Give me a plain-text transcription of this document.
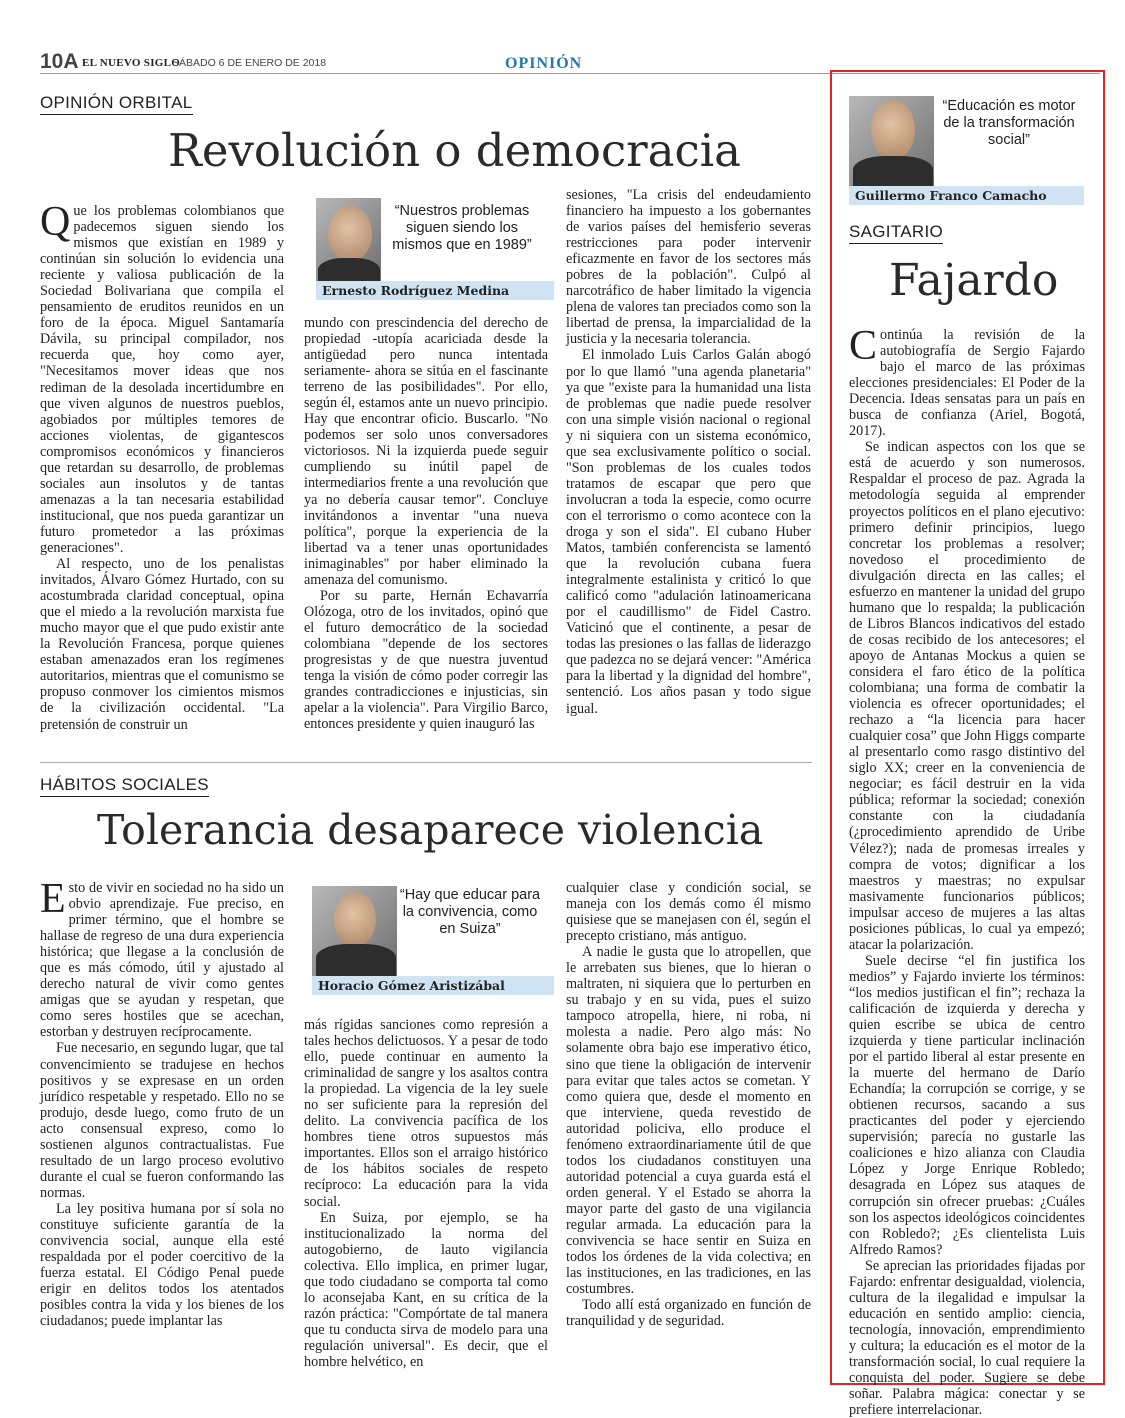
10A EL NUEVO SIGLO
SÁBADO 6 DE ENERO DE 2018	OPINIÓN
OPINIÓN ORBITAL
Revolución o democracia

Que los problemas colombianos que padecemos siguen siendo los mismos que existían en 1989 y continúan sin solución lo evidencia una reciente y valiosa publicación de la Sociedad Bolivariana que compila el pensamiento de eruditos reunidos en un foro de la época. Miguel Santamaría Dávila, su principal compilador, nos recuerda que, hoy como ayer, "Necesitamos mover ideas que nos rediman de la desolada incertidumbre en que viven algunos de nuestros pueblos, agobiados por múltiples temores de acciones violentas, de gigantescos compromisos económicos y financieros que retardan su desarrollo, de problemas sociales aun insolutos y de tantas amenazas a la tan necesaria estabilidad institucional, que nos pueda garantizar un futuro prometedor a las próximas generaciones".

Al respecto, uno de los penalistas invitados, Álvaro Gómez Hurtado, con su acostumbrada claridad conceptual, opina que el miedo a la revolución marxista fue mucho mayor que el que pudo existir ante la Revolución Francesa, porque quienes estaban amenazados eran los regímenes autoritarios, mientras que el comunismo se propuso conmover los cimientos mismos de la civilización occidental. "La pretensión de construir un

“Nuestros problemas siguen siendo los mismos que en 1989”
Ernesto Rodríguez Medina

mundo con prescindencia del derecho de propiedad -utopía acariciada desde la antigüedad pero nunca intentada seriamente- ahora se sitúa en el fascinante terreno de las posibilidades". Por ello, según él, estamos ante un nuevo principio. Hay que encontrar oficio. Buscarlo. "No podemos ser solo unos conversadores victoriosos. Ni la izquierda puede seguir cumpliendo su inútil papel de intermediarios frente a una revolución que ya no debería causar temor". Concluye invitándonos a inventar "una nueva política", porque la experiencia de la libertad va a tener unas oportunidades inimaginables" por haber eliminado la amenaza del comunismo.

Por su parte, Hernán Echavarría Olózoga, otro de los invitados, opinó que el futuro democrático de la sociedad colombiana "depende de los sectores progresistas y de que nuestra juventud tenga la visión de cómo poder corregir las grandes contradicciones e injusticias, sin apelar a la violencia". Para Virgilio Barco, entonces presidente y quien inauguró las

sesiones, "La crisis del endeudamiento financiero ha impuesto a los gobernantes de varios países del hemisferio severas restricciones para poder intervenir eficazmente en favor de los sectores más pobres de la población". Culpó al narcotráfico de haber limitado la vigencia plena de valores tan preciados como son la libertad de prensa, la imparcialidad de la justicia y la necesaria tolerancia.

El inmolado Luis Carlos Galán abogó por lo que llamó "una agenda planetaria" ya que "existe para la humanidad una lista de problemas que nadie puede resolver con una simple visión nacional o regional y ni siquiera con un sistema económico, que sea exclusivamente político o social. "Son problemas de los cuales todos tratamos de escapar que pero que involucran a toda la especie, como ocurre con el terrorismo o como acontece con la droga y son el sida". El cubano Huber Matos, también conferencista se lamentó que la revolución cubana fuera integralmente estalinista y criticó lo que calificó como "adulación latinoamericana por el caudillismo" de Fidel Castro. Vaticinó que el continente, a pesar de todas las presiones o las fallas de liderazgo que padezca no se dejará vencer: "América para la libertad y la dignidad del hombre", sentenció. Los años pasan y todo sigue igual.

HÁBITOS SOCIALES
Tolerancia desaparece violencia

Esto de vivir en sociedad no ha sido un obvio aprendizaje. Fue preciso, en primer término, que el hombre se hallase de regreso de una dura experiencia histórica; que llegase a la conclusión de que es más cómodo, útil y ajustado al derecho natural de vivir como gentes amigas que se ayudan y respetan, que como seres hostiles que se acechan, estorban y destruyen recíprocamente.

Fue necesario, en segundo lugar, que tal convencimiento se tradujese en hechos positivos y se expresase en un orden jurídico respetable y respetado. Ello no se produjo, desde luego, como fruto de un acto consensual expreso, como lo sostienen algunos contractualistas. Fue resultado de un largo proceso evolutivo durante el cual se fueron conformando las normas.

La ley positiva humana por sí sola no constituye suficiente garantía de la convivencia social, aunque ella esté respaldada por el poder coercitivo de la fuerza estatal. El Código Penal puede erigir en delitos todos los atentados posibles contra la vida y los bienes de los ciudadanos; puede implantar las

“Hay que educar para la convivencia, como en Suiza”
Horacio Gómez Aristizábal

más rígidas sanciones como represión a tales hechos delictuosos. Y a pesar de todo ello, puede continuar en aumento la criminalidad de sangre y los asaltos contra la propiedad. La vigencia de la ley suele no ser suficiente para la represión del delito. La convivencia pacífica de los hombres tiene otros supuestos más importantes. Ellos son el arraigo histórico de los hábitos sociales de respeto recíproco: La educación para la vida social.

En Suiza, por ejemplo, se ha institucionalizado la norma del autogobierno, de lauto vigilancia colectiva. Ello implica, en primer lugar, que todo ciudadano se comporta tal como lo aconsejaba Kant, en su crítica de la razón práctica: "Compórtate de tal manera que tu conducta sirva de modelo para una regulación universal". Es decir, que el hombre helvético, en

cualquier clase y condición social, se maneja con los demás como él mismo quisiese que se manejasen con él, según el precepto cristiano, más antiguo.

A nadie le gusta que lo atropellen, que le arrebaten sus bienes, que lo hieran o maltraten, ni siquiera que lo perturben en su trabajo y en su vida, pues el suizo tampoco atropella, hiere, ni roba, ni molesta a nadie. Pero algo más: No solamente obra bajo ese imperativo ético, sino que tiene la obligación de intervenir para evitar que tales actos se cometan. Y como quiera que, desde el momento en que interviene, queda revestido de autoridad policiva, ello produce el fenómeno extraordinariamente útil de que todos los ciudadanos constituyen una autoridad potencial a cuya guarda está el orden general. Y el Estado se ahorra la mayor parte del gasto de una vigilancia regular armada. La educación para la convivencia se hace sentir en Suiza en todos los órdenes de la vida colectiva; en las instituciones, en las tradiciones, en las costumbres.

Todo allí está organizado en función de tranquilidad y de seguridad.

“Educación es motor de la transformación social”
Guillermo Franco Camacho
SAGITARIO
Fajardo

Continúa la revisión de la autobiografía de Sergio Fajardo bajo el marco de las próximas elecciones presidenciales: El Poder de la Decencia. Ideas sensatas para un país en busca de confianza (Ariel, Bogotá, 2017).

Se indican aspectos con los que se está de acuerdo y son numerosos. Respaldar el proceso de paz. Agrada la metodología seguida al emprender proyectos políticos en el plano ejecutivo: primero definir principios, luego concretar los problemas a resolver; novedoso el procedimiento de divulgación directa en las calles; el esfuerzo en mantener la unidad del grupo humano que lo respalda; la publicación de Libros Blancos indicativos del estado de cosas recibido de los antecesores; el apoyo de Antanas Mockus a quien se considera el faro ético de la política colombiana; una forma de combatir la violencia es ofrecer oportunidades; el rechazo a “la licencia para hacer cualquier cosa” que John Higgs comparte al presentarlo como rasgo distintivo del siglo XX; creer en la conveniencia de negociar; es fácil destruir en la vida pública; reformar la sociedad; conexión constante con la ciudadanía (¿procedimiento aprendido de Uribe Vélez?); nada de promesas irreales y compra de votos; dignificar a los maestros y maestras; no expulsar masivamente funcionarios públicos; impulsar acceso de mujeres a las altas posiciones públicas, lo cual ya empezó; atacar la polarización.

Suele decirse “el fin justifica los medios” y Fajardo invierte los términos: “los medios justifican el fin”; rechaza la calificación de izquierda y derecha y quien escribe se ubica de centro izquierda y tiene particular inclinación por el partido liberal al estar presente en la muerte del hermano de Darío Echandía; la corrupción se corrige, y se obtienen recursos, sacando a sus practicantes del poder y ejerciendo supervisión; parecía no gustarle las coaliciones e hizo alianza con Claudia López y Jorge Enrique Robledo; desagrada en López sus ataques de corrupción sin ofrecer pruebas: ¿Cuáles son los aspectos ideológicos coincidentes con Robledo?; ¿Es clientelista Luis Alfredo Ramos?

Se aprecian las prioridades fijadas por Fajardo: enfrentar desigualdad, violencia, cultura de la ilegalidad e impulsar la educación en sentido amplio: ciencia, tecnología, innovación, emprendimiento y cultura; la educación es el motor de la transformación social, lo cual requiere la conquista del poder. Sugiere se debe soñar. Palabra mágica: conectar y se prefiere interrelacionar.
